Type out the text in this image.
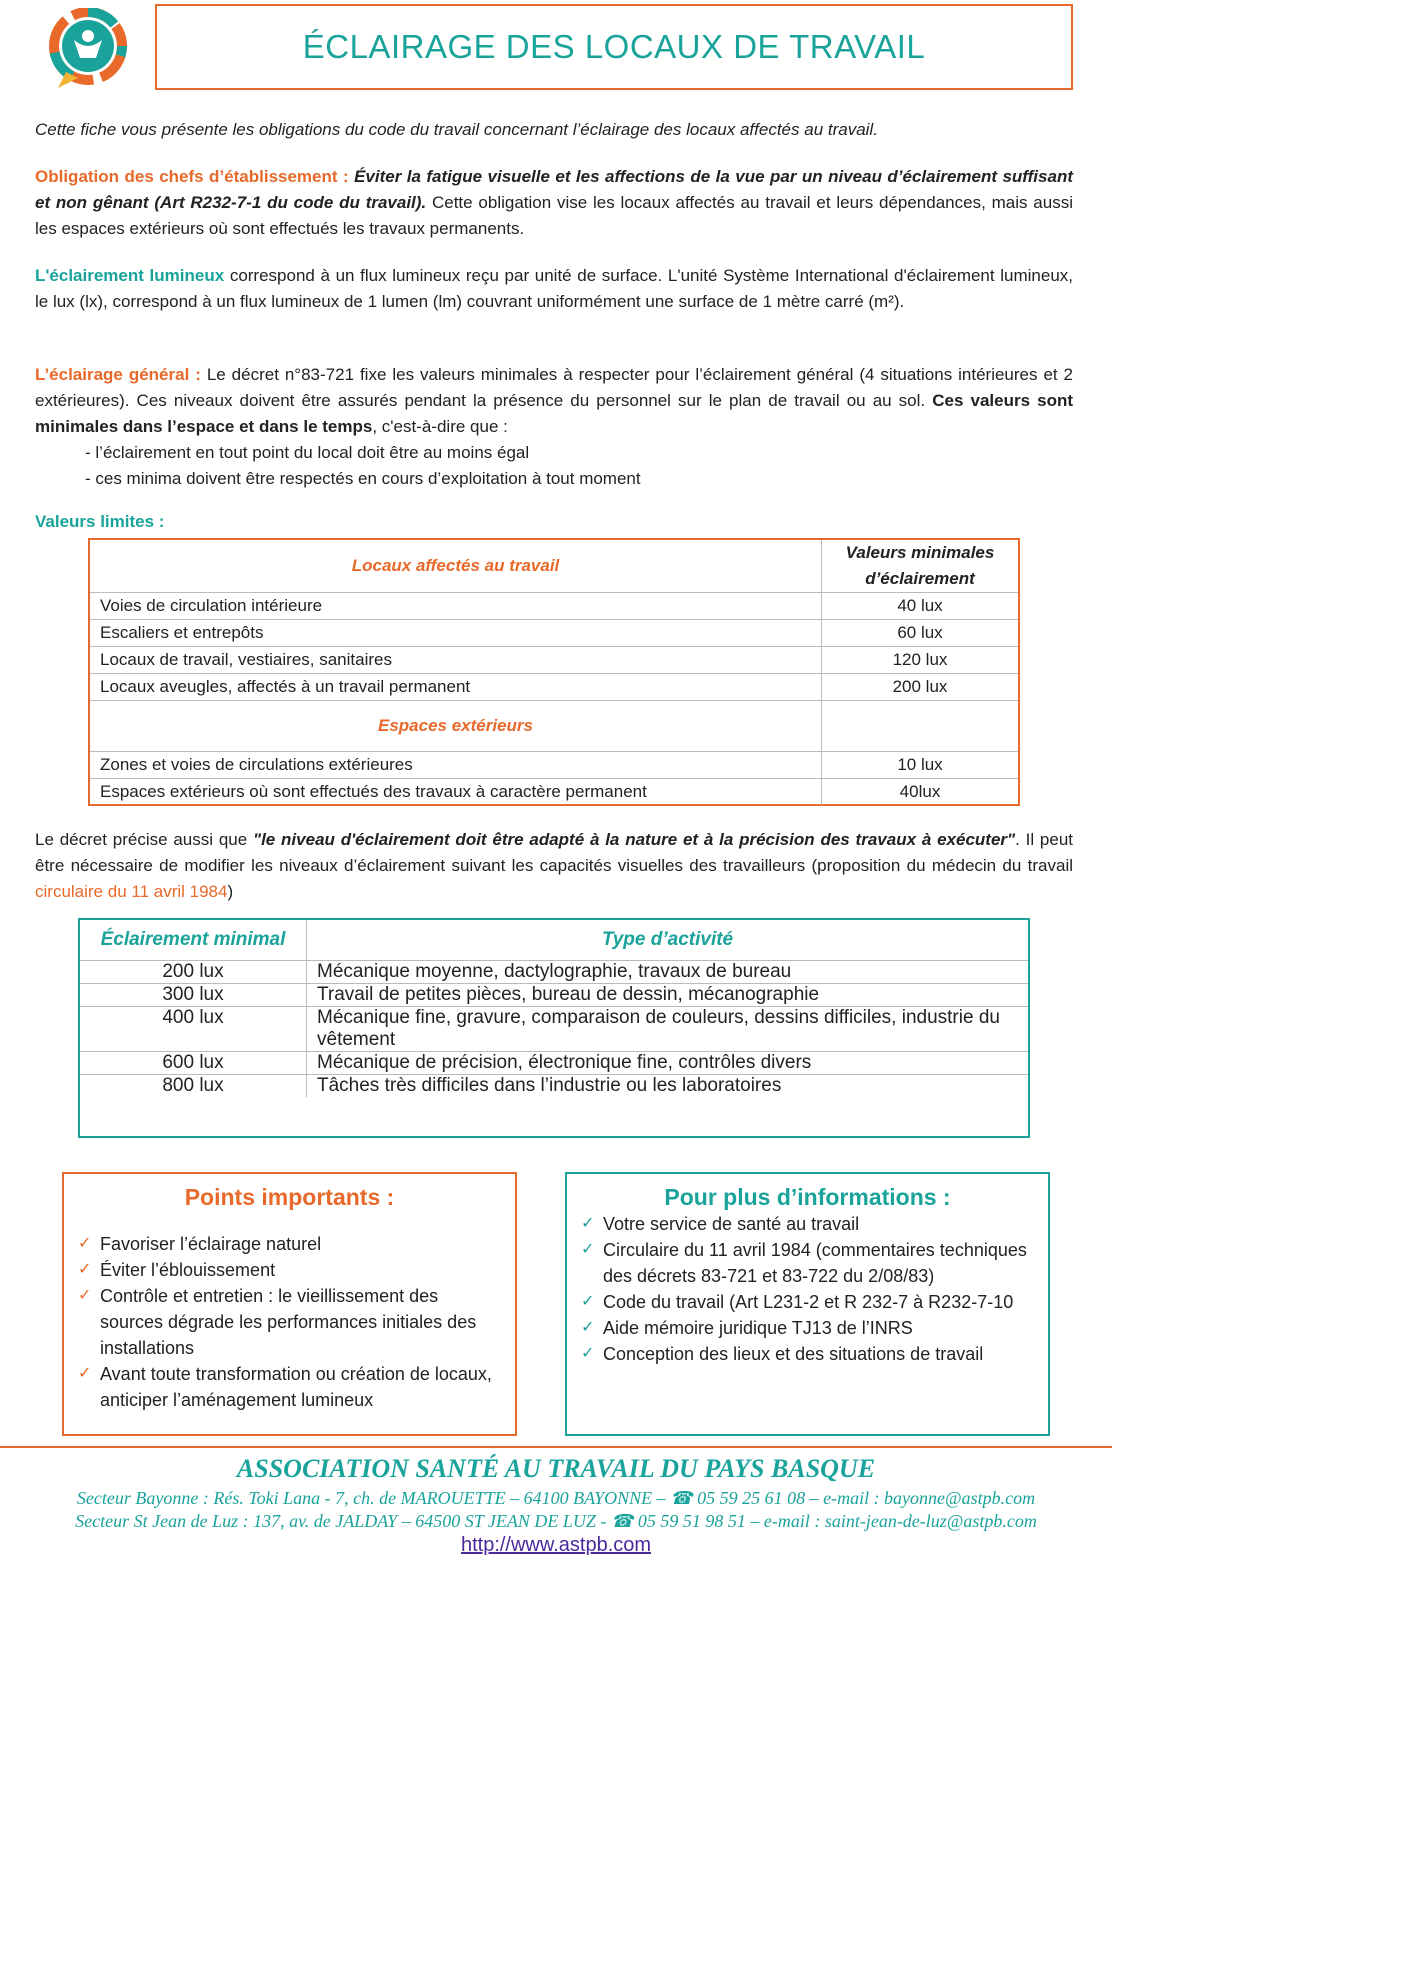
ÉCLAIRAGE DES LOCAUX DE TRAVAIL
Cette fiche vous présente les obligations du code du travail concernant l’éclairage des locaux affectés au travail.
Obligation des chefs d’établissement : Éviter la fatigue visuelle et les affections de la vue par un niveau d’éclairement suffisant et non gênant (Art R232-7-1 du code du travail). Cette obligation vise les locaux affectés au travail et leurs dépendances, mais aussi les espaces extérieurs où sont effectués les travaux permanents.
L'éclairement lumineux correspond à un flux lumineux reçu par unité de surface. L'unité Système International d'éclairement lumineux, le lux (lx), correspond à un flux lumineux de 1 lumen (lm) couvrant uniformément une surface de 1 mètre carré (m²).
L’éclairage général : Le décret n°83-721 fixe les valeurs minimales à respecter pour l’éclairement général (4 situations intérieures et 2 extérieures). Ces niveaux doivent être assurés pendant la présence du personnel sur le plan de travail ou au sol. Ces valeurs sont minimales dans l’espace et dans le temps, c'est-à-dire que :
- l’éclairement en tout point du local doit être au moins égal
- ces minima doivent être respectés en cours d’exploitation à tout moment
Valeurs limites :
Locaux affectés au travail	Valeurs minimales
d’éclairement

Voies de circulation intérieure	40 lux
Escaliers et entrepôts	60 lux
Locaux de travail, vestiaires, sanitaires	120 lux
Locaux aveugles, affectés à un travail permanent	200 lux
Espaces extérieurs	
Zones et voies de circulations extérieures	10 lux
Espaces extérieurs où sont effectués des travaux à caractère permanent	40lux
Le décret précise aussi que "le niveau d'éclairement doit être adapté à la nature et à la précision des travaux à exécuter". Il peut être nécessaire de modifier les niveaux d’éclairement suivant les capacités visuelles des travailleurs (proposition du médecin du travail circulaire du 11 avril 1984)
Éclairement minimal	Type d’activité
200 lux	Mécanique moyenne, dactylographie, travaux de bureau
300 lux	Travail de petites pièces, bureau de dessin, mécanographie
400 lux	Mécanique fine, gravure, comparaison de couleurs, dessins difficiles, industrie du vêtement
600 lux	Mécanique de précision, électronique fine, contrôles divers
800 lux	Tâches très difficiles dans l’industrie ou les laboratoires
Points importants :
✓ Favoriser l’éclairage naturel
✓ Éviter l’éblouissement
✓ Contrôle et entretien : le vieillissement des sources dégrade les performances initiales des installations
✓ Avant toute transformation ou création de locaux, anticiper l’aménagement lumineux
Pour plus d’informations :
✓ Votre service de santé au travail
✓ Circulaire du 11 avril 1984 (commentaires techniques des décrets 83-721 et 83-722 du 2/08/83)
✓ Code du travail (Art L231-2 et R 232-7 à R232-7-10
✓ Aide mémoire juridique TJ13 de l’INRS
✓ Conception des lieux et des situations de travail
ASSOCIATION SANTÉ AU TRAVAIL DU PAYS BASQUE
Secteur Bayonne : Rés. Toki Lana - 7, ch. de MAROUETTE – 64100 BAYONNE – ☎ 05 59 25 61 08 – e-mail : bayonne@astpb.com
Secteur St Jean de Luz : 137, av. de JALDAY – 64500 ST JEAN DE LUZ - ☎ 05 59 51 98 51 – e-mail : saint-jean-de-luz@astpb.com
http://www.astpb.com
